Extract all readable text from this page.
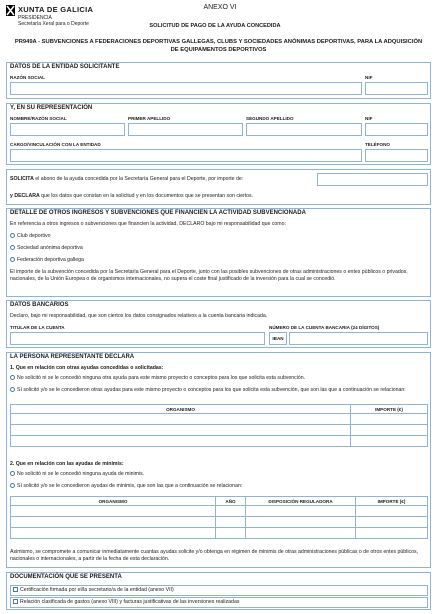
XUNTA DE GALICIA
PRESIDENCIA
Secretaría Xeral para o Deporte
ANEXO VI
SOLICITUD DE PAGO DE LA AYUDA CONCEDIDA
PR949A - SUBVENCIONES A FEDERACIONES DEPORTIVAS GALLEGAS, CLUBS Y SOCIEDADES ANÓNIMAS DEPORTIVAS, PARA LA ADQUISICIÓN DE EQUIPAMENTOS DEPORTIVOS
DATOS DE LA ENTIDAD SOLICITANTE
RAZÓN SOCIAL	NIF
Y, EN SU REPRESENTACIÓN
NOMBRE/RAZÓN SOCIAL	PRIMER APELLIDO	SEGUNDO APELLIDO	NIF
CARGO/VINCULACIÓN CON LA ENTIDAD	TELÉFONO
SOLICITA el abono de la ayuda concedida por la Secretaría General para el Deporte, por importe de:
y DECLARA que los datos que constan en la solicitud y en los documentos que se presentan son ciertos.
DETALLE DE OTROS INGRESOS Y SUBVENCIONES QUE FINANCIEN LA ACTIVIDAD SUBVENCIONADA
En referencia a otros ingresos o subvenciones que financien la actividad, DECLARO bajo mi responsabilidad que como:
Club deportivo
Sociedad anónima deportiva
Federación deportiva gallega
El importe de la subvención concedida por la Secretaría General para el Deporte, junto con las posibles subvenciones de otras administraciones o entes públicos o privados, nacionales, de la Unión Europea o de organismos internacionales, no supera el coste final justificado de la inversión para la cual se concedió.
DATOS BANCARIOS
Declaro, bajo mi responsabilidad, que son ciertos los datos consignados relativos a la cuenta bancaria indicada.
TITULAR DE LA CUENTA	NÚMERO DE LA CUENTA BANCARIA (24 DÍGITOS)
IBAN
LA PERSONA REPRESENTANTE DECLARA
1. Que en relación con otras ayudas concedidas o solicitadas:
No solicitó ni se le concedió ninguna otra ayuda para este mismo proyecto o conceptos para los que solicita esta subvención.
Sí solicitó y/o se le concedieron otras ayudas para este mismo proyecto o conceptos para los que solicita esta subvención, que son las que a continuación se relacionan:
ORGANISMO	IMPORTE (€)

2. Que en relación con las ayudas de minimis:
No solicitó ni se le concedió ninguna ayuda de minimis.
Sí solicitó y/o se le concedieron ayudas de minimis, que son las que a continuación se relacionan:
ORGANISMO	AÑO	DISPOSICIÓN REGULADORA	IMPORTE (€)

Asimismo, se compromete a comunicar inmediatamente cuantas ayudas solicite y/o obtenga en régimen de minimis de otras administraciones públicas o de otros entes públicos, nacionales o internacionales, a partir de la fecha de esta declaración.
DOCUMENTACIÓN QUE SE PRESENTA
Certificación firmada por el/la secretario/a de la entidad (anexo VII)
Relación clasificada de gastos (anexo VIII) y facturas justificativas de las inversiones realizadas
